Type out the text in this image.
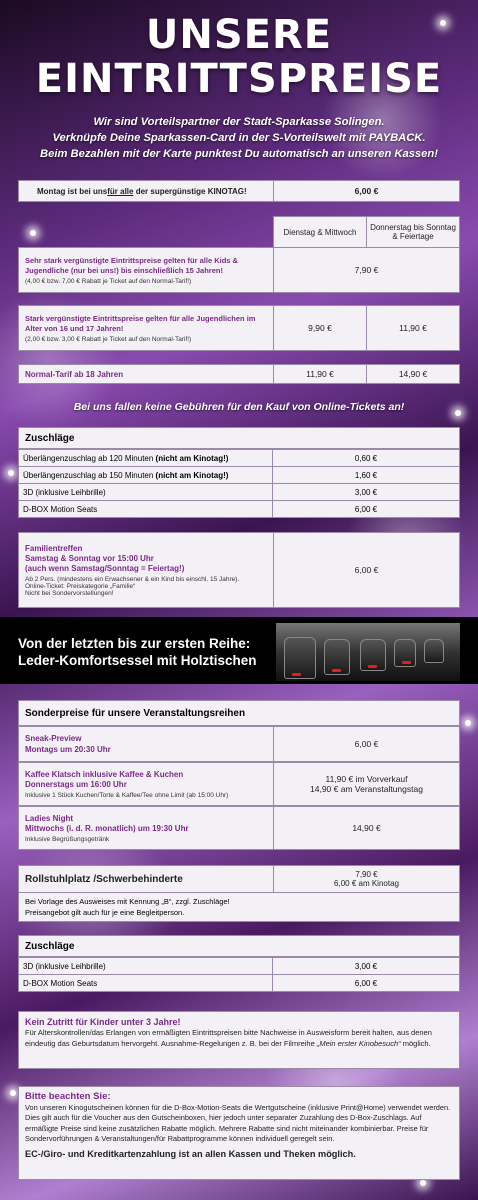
UNSERE
EINTRITTSPREISE
Wir sind Vorteilspartner der Stadt-Sparkasse Solingen.
Verknüpfe Deine Sparkassen-Card in der S-Vorteilswelt mit PAYBACK.
Beim Bezahlen mit der Karte punktest Du automatisch an unseren Kassen!
Montag ist bei uns für alle der supergünstige KINOTAG!	6,00 €
Dienstag & Mittwoch	Donnerstag bis Sonntag & Feiertage
Sehr stark vergünstigte Eintrittspreise gelten für alle Kids & Jugendliche (nur bei uns!) bis einschließlich 15 Jahren!
(4,00 € bzw. 7,00 € Rabatt je Ticket auf den Normal-Tarif!)
7,90 €
Stark vergünstigte Eintrittspreise gelten für alle Jugendlichen im Alter von 16 und 17 Jahren!
(2,00 € bzw. 3,00 € Rabatt je Ticket auf den Normal-Tarif!)
9,90 €	11,90 €
Normal-Tarif ab 18 Jahren	11,90 €	14,90 €
Bei uns fallen keine Gebühren für den Kauf von Online-Tickets an!
Zuschläge
Überlängenzuschlag ab 120 Minuten (nicht am Kinotag!)	0,60 €
Überlängenzuschlag ab 150 Minuten (nicht am Kinotag!)	1,60 €
3D (inklusive Leihbrille)	3,00 €
D-BOX Motion Seats	6,00 €
Familientreffen
Samstag & Sonntag vor 15:00 Uhr
(auch wenn Samstag/Sonntag = Feiertag!)
Ab 2 Pers. (mindestens ein Erwachsener & ein Kind bis einschl. 15 Jahre).
Online-Ticket: Preiskategorie „Familie“
Nicht bei Sondervorstellungen!
6,00 €
Von der letzten bis zur ersten Reihe:
Leder-Komfortsessel mit Holztischen
Sonderpreise für unsere Veranstaltungsreihen
Sneak-Preview
Montags um 20:30 Uhr
6,00 €
Kaffee Klatsch inklusive Kaffee & Kuchen
Donnerstags um 16:00 Uhr
Inklusive 1 Stück Kuchen/Torte & Kaffee/Tee ohne Limit (ab 15:00 Uhr)
11,90 € im Vorverkauf
14,90 € am Veranstaltungstag
Ladies Night
Mittwochs (i. d. R. monatlich) um 19:30 Uhr
Inklusive Begrüßungsgetränk
14,90 €
Rollstuhlplatz /Schwerbehinderte	7,90 €
6,00 € am Kinotag
Bei Vorlage des Ausweises mit Kennung „B“, zzgl. Zuschläge!
Preisangebot gilt auch für je eine Begleitperson.
Zuschläge
3D (inklusive Leihbrille)	3,00 €
D-BOX Motion Seats	6,00 €
Kein Zutritt für Kinder unter 3 Jahre!
Für Alterskontrollen/das Erlangen von ermäßigten Eintrittspreisen bitte Nachweise in Ausweisform bereit halten, aus denen eindeutig das Geburtsdatum hervorgeht. Ausnahme-Regelungen z. B. bei der Filmreihe „Mein erster Kinobesuch“ möglich.
Bitte beachten Sie:
Von unseren Kinogutscheinen können für die D-Box-Motion-Seats die Wertgutscheine (inklusive Print@Home) verwendet werden. Dies gilt auch für die Voucher aus den Gutscheinboxen, hier jedoch unter separater Zuzahlung des D-Box-Zuschlags. Auf ermäßigte Preise sind keine zusätzlichen Rabatte möglich. Mehrere Rabatte sind nicht miteinander kombinierbar. Preise für Sondervorführungen & Veranstaltungen/für Rabattprogramme können individuell geregelt sein.
EC-/Giro- und Kreditkartenzahlung ist an allen Kassen und Theken möglich.
